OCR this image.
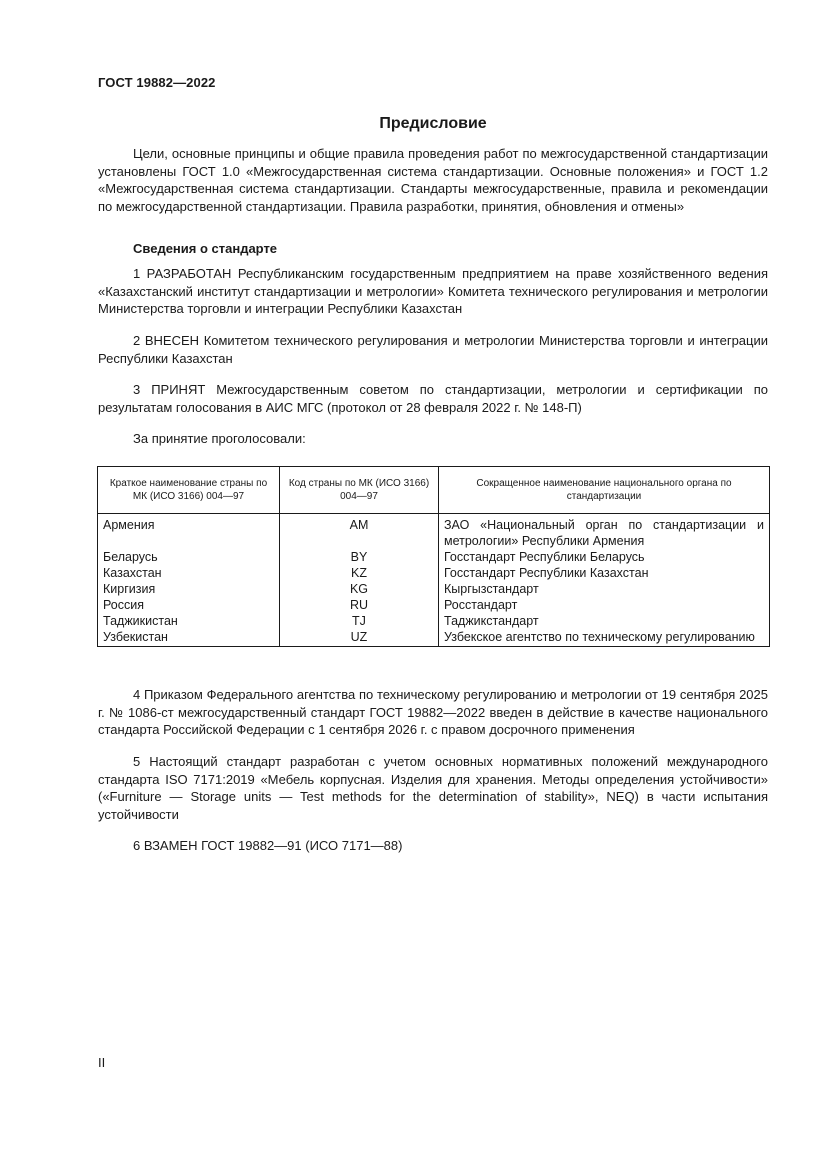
ГОСТ 19882—2022
Предисловие

Цели, основные принципы и общие правила проведения работ по межгосударственной стандартизации установлены ГОСТ 1.0 «Межгосударственная система стандартизации. Основные положения» и ГОСТ 1.2 «Межгосударственная система стандартизации. Стандарты межгосударственные, правила и рекомендации по межгосударственной стандартизации. Правила разработки, принятия, обновления и отмены»

Сведения о стандарте

1 РАЗРАБОТАН Республиканским государственным предприятием на праве хозяйственного ведения «Казахстанский институт стандартизации и метрологии» Комитета технического регулирования и метрологии Министерства торговли и интеграции Республики Казахстан

2 ВНЕСЕН Комитетом технического регулирования и метрологии Министерства торговли и интеграции Республики Казахстан

3 ПРИНЯТ Межгосударственным советом по стандартизации, метрологии и сертификации по результатам голосования в АИС МГС (протокол от 28 февраля 2022 г. № 148-П)

За принятие проголосовали:
Краткое наименование страны по МК (ИСО 3166) 004—97	Код страны по МК (ИСО 3166) 004—97	Сокращенное наименование национального органа по стандартизации
Армения	AM	ЗАО «Национальный орган по стандартизации и метрологии» Республики Армения
Беларусь	BY	Госстандарт Республики Беларусь
Казахстан	KZ	Госстандарт Республики Казахстан
Киргизия	KG	Кыргызстандарт
Россия	RU	Росстандарт
Таджикистан	TJ	Таджикстандарт
Узбекистан	UZ	Узбекское агентство по техническому регулированию

4 Приказом Федерального агентства по техническому регулированию и метрологии от 19 сентября 2025 г. № 1086-ст межгосударственный стандарт ГОСТ 19882—2022 введен в действие в качестве национального стандарта Российской Федерации с 1 сентября 2026 г. с правом досрочного применения

5 Настоящий стандарт разработан с учетом основных нормативных положений международного стандарта ISO 7171:2019 «Мебель корпусная. Изделия для хранения. Методы определения устойчивости» («Furniture — Storage units — Test methods for the determination of stability», NEQ) в части испытания устойчивости

6 ВЗАМЕН ГОСТ 19882—91 (ИСО 7171—88)

II
